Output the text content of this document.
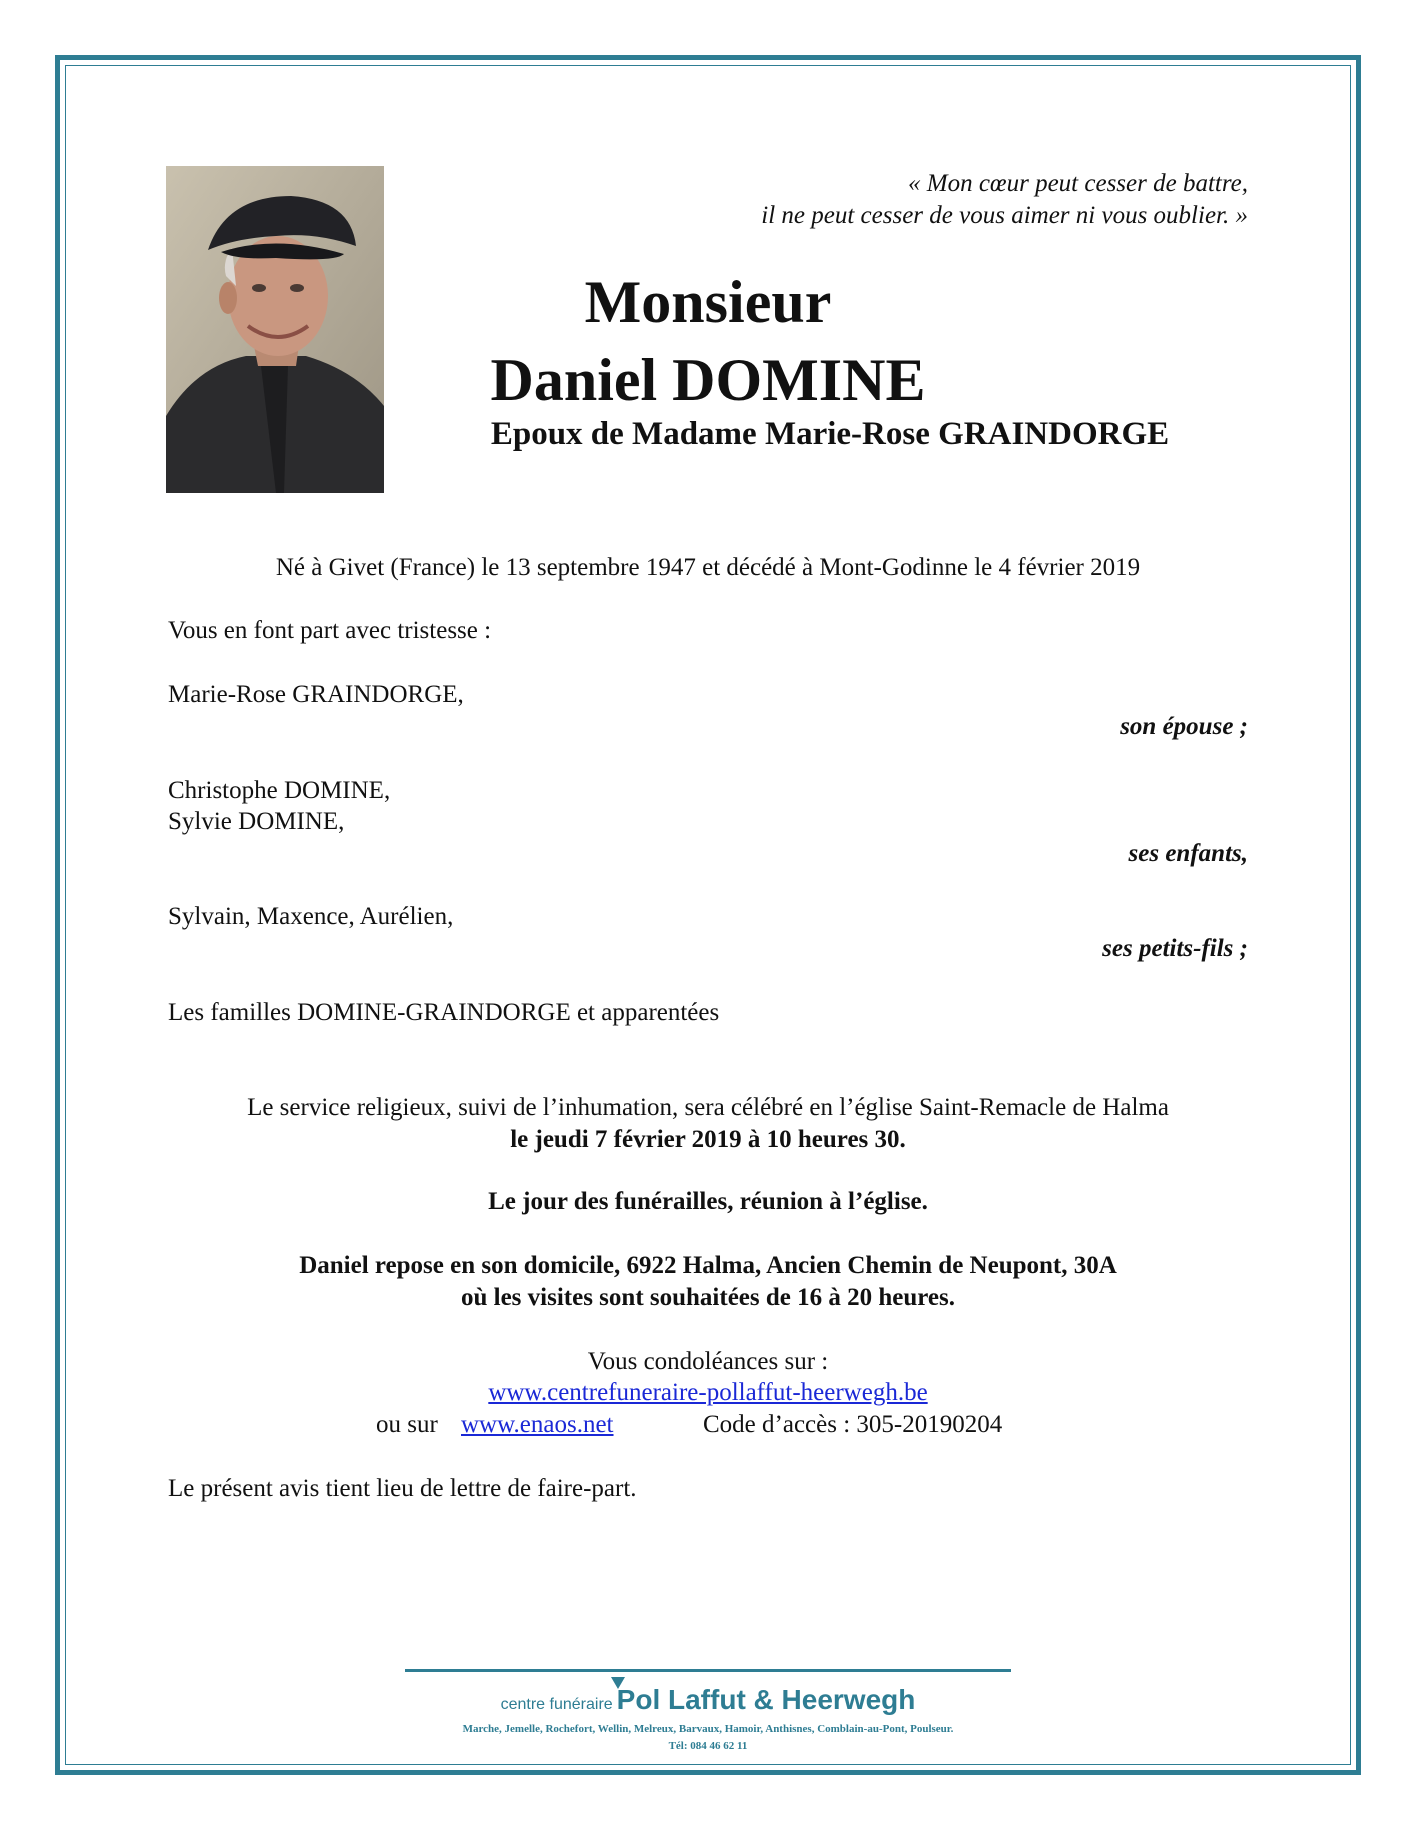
« Mon cœur peut cesser de battre,
il ne peut cesser de vous aimer ni vous oublier. »
Monsieur
Daniel DOMINE
Epoux de Madame Marie-Rose GRAINDORGE
Né à Givet (France) le 13 septembre 1947 et décédé à Mont-Godinne le 4 février 2019
Vous en font part avec tristesse :
Marie-Rose GRAINDORGE,
son épouse ;
Christophe DOMINE,
Sylvie DOMINE,
ses enfants,
Sylvain, Maxence, Aurélien,
ses petits-fils ;
Les familles DOMINE-GRAINDORGE et apparentées
Le service religieux, suivi de l’inhumation, sera célébré en l’église Saint-Remacle de Halma
le jeudi 7 février 2019 à 10 heures 30.
Le jour des funérailles, réunion à l’église.
Daniel repose en son domicile, 6922 Halma, Ancien Chemin de Neupont, 30A
où les visites sont souhaitées de 16 à 20 heures.
Vous condoléances sur :
www.centrefuneraire-pollaffut-heerwegh.be
ou sur www.enaos.net	Code d’accès : 305-20190204
Le présent avis tient lieu de lettre de faire-part.
centre funéraire Pol Laffut & Heerwegh
Marche, Jemelle, Rochefort, Wellin, Melreux, Barvaux, Hamoir, Anthisnes, Comblain-au-Pont, Poulseur.
Tél: 084 46 62 11
